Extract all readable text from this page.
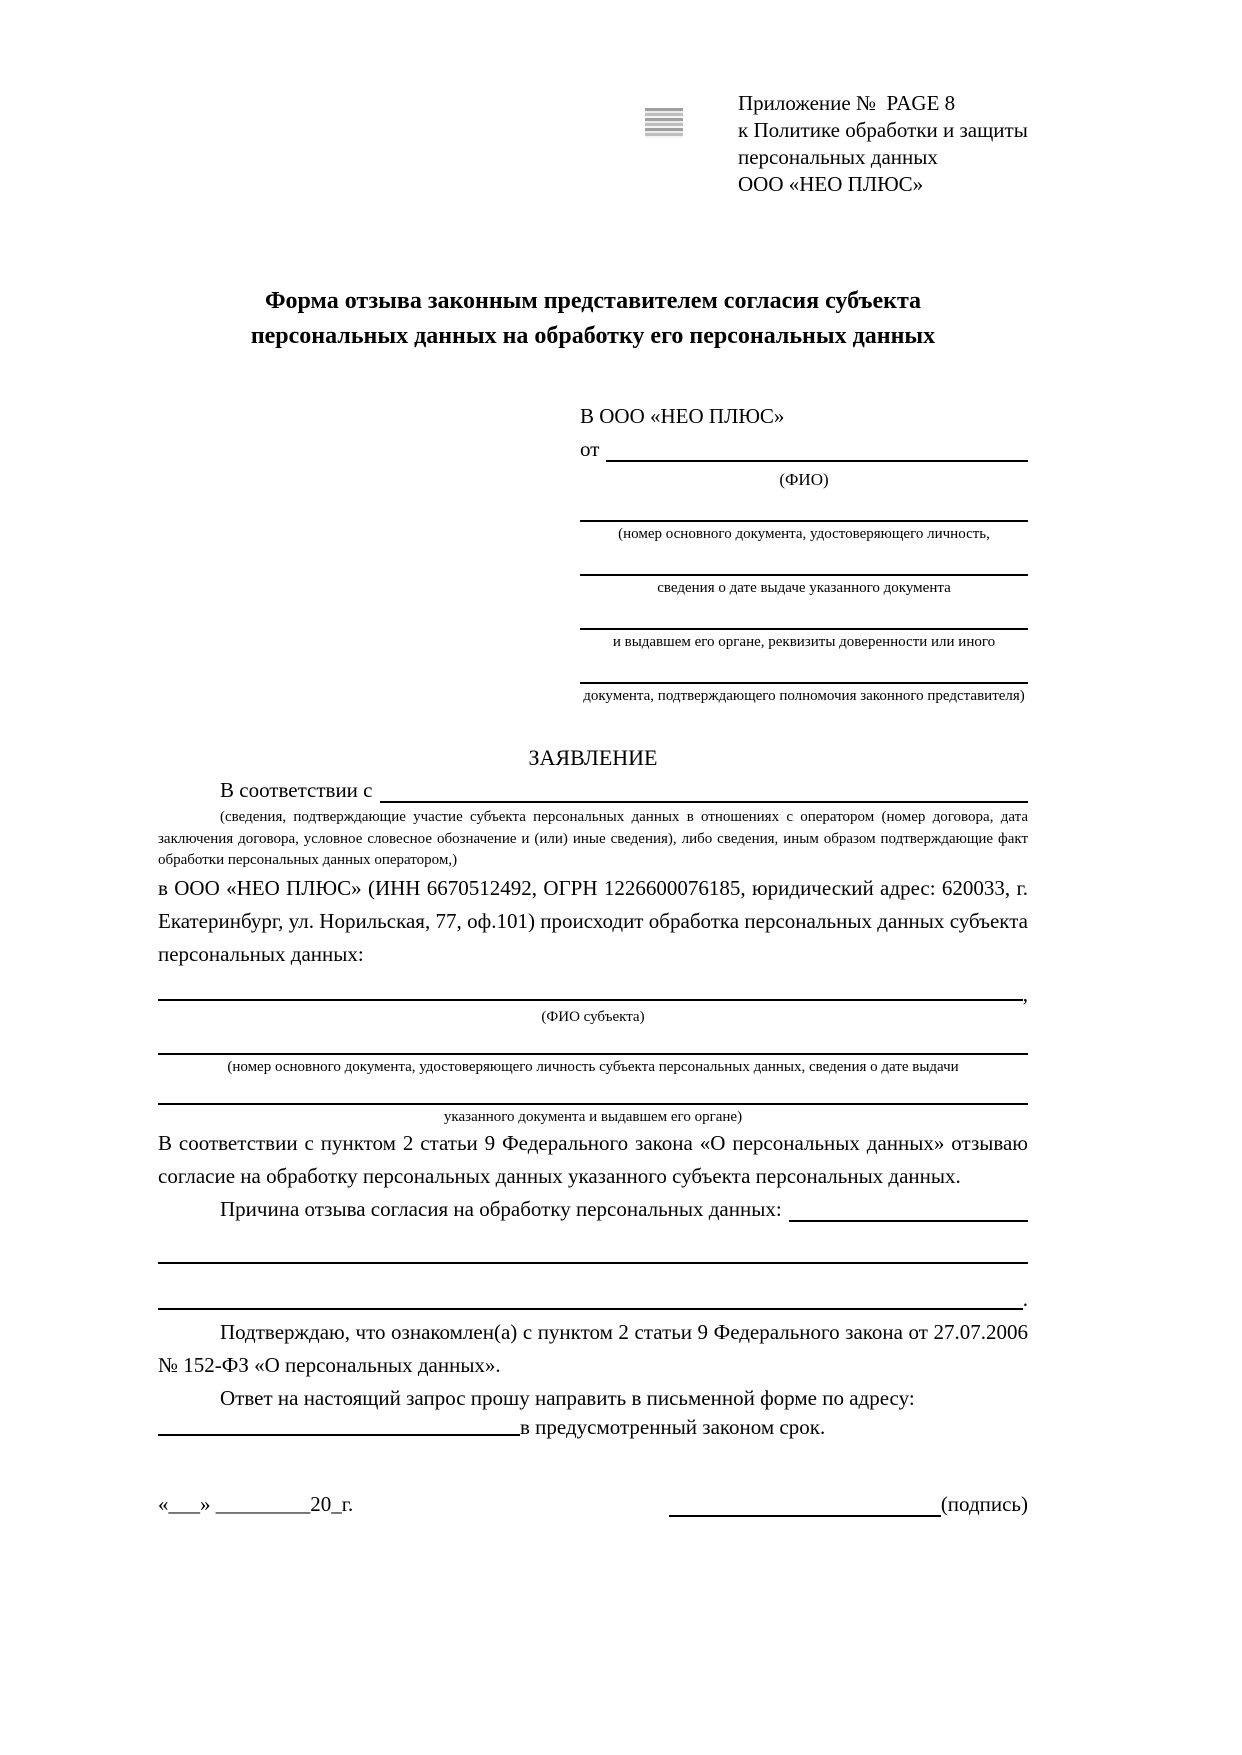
Приложение №  PAGE 8
к Политике обработки и защиты
персональных данных
ООО «НЕО ПЛЮС»
Форма отзыва законным представителем согласия субъекта
персональных данных на обработку его персональных данных
В ООО «НЕО ПЛЮС»
от
(ФИО)
(номер основного документа, удостоверяющего личность,
сведения о дате выдаче указанного документа
и выдавшем его органе, реквизиты доверенности или иного
документа, подтверждающего полномочия законного представителя)
ЗАЯВЛЕНИЕ
В соответствии с

(сведения, подтверждающие участие субъекта персональных данных в отношениях с оператором (номер договора, дата заключения договора, условное словесное обозначение и (или) иные сведения), либо сведения, иным образом подтверждающие факт обработки персональных данных оператором,)

в ООО «НЕО ПЛЮС» (ИНН 6670512492, ОГРН 1226600076185, юридический адрес: 620033, г. Екатеринбург, ул. Норильская, 77, оф.101) происходит обработка персональных данных субъекта персональных данных:

,
(ФИО субъекта)
(номер основного документа, удостоверяющего личность субъекта персональных данных, сведения о дате выдачи
указанного документа и выдавшем его органе)

В соответствии с пунктом 2 статьи 9 Федерального закона «О персональных данных» отзываю согласие на обработку персональных данных указанного субъекта персональных данных.

Причина отзыва согласия на обработку персональных данных:
.

Подтверждаю, что ознакомлен(а) с пунктом 2 статьи 9 Федерального закона от 27.07.2006 № 152-ФЗ «О персональных данных».

Ответ на настоящий запрос прошу направить в письменной форме по адресу:

в предусмотренный законом срок.
«___» _________20_г.	(подпись)
